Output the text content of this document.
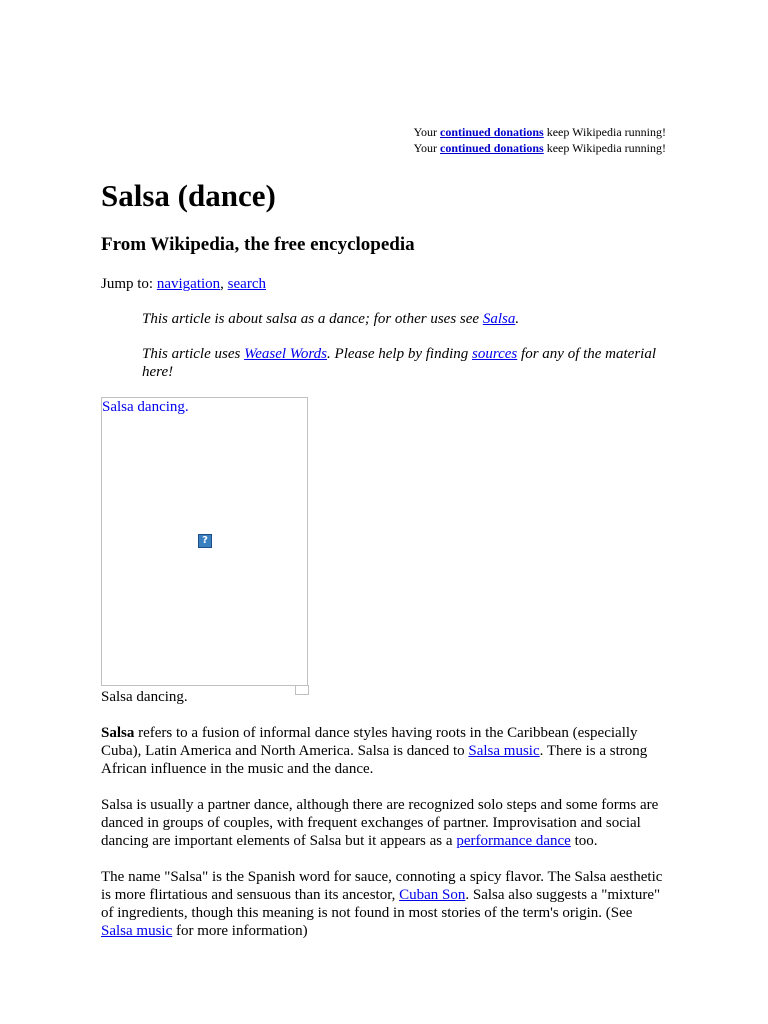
Your continued donations keep Wikipedia running!
Your continued donations keep Wikipedia running!
Salsa (dance)
From Wikipedia, the free encyclopedia
Jump to: navigation, search
This article is about salsa as a dance; for other uses see Salsa.
This article uses Weasel Words. Please help by finding sources for any of the material here!
Salsa dancing.
?
Salsa dancing.

Salsa refers to a fusion of informal dance styles having roots in the Caribbean (especially Cuba), Latin America and North America. Salsa is danced to Salsa music. There is a strong African influence in the music and the dance.

Salsa is usually a partner dance, although there are recognized solo steps and some forms are danced in groups of couples, with frequent exchanges of partner. Improvisation and social dancing are important elements of Salsa but it appears as a performance dance too.

The name "Salsa" is the Spanish word for sauce, connoting a spicy flavor. The Salsa aesthetic is more flirtatious and sensuous than its ancestor, Cuban Son. Salsa also suggests a "mixture" of ingredients, though this meaning is not found in most stories of the term's origin. (See Salsa music for more information)
